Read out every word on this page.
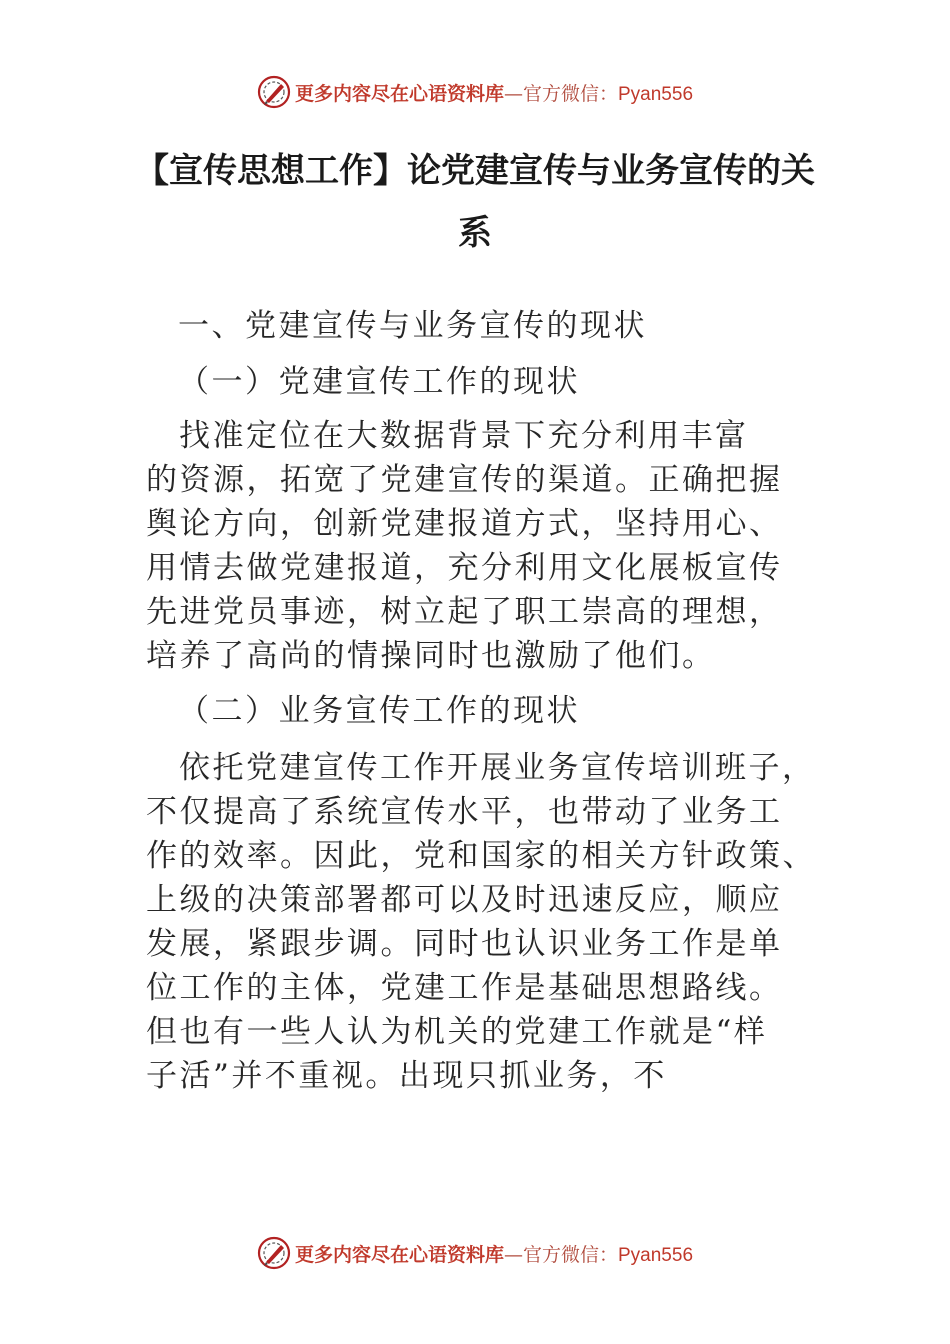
更多内容尽在心语资料库—官方微信：Pyan556
【宣传思想工作】论党建宣传与业务宣传的关
系
一、党建宣传与业务宣传的现状
（一）党建宣传工作的现状
找准定位在大数据背景下充分利用丰富
的资源，拓宽了党建宣传的渠道。正确把握
舆论方向，创新党建报道方式，坚持用心、
用情去做党建报道，充分利用文化展板宣传
先进党员事迹，树立起了职工崇高的理想，
培养了高尚的情操同时也激励了他们。
（二）业务宣传工作的现状
依托党建宣传工作开展业务宣传培训班子，
不仅提高了系统宣传水平，也带动了业务工
作的效率。因此，党和国家的相关方针政策、
上级的决策部署都可以及时迅速反应，顺应
发展，紧跟步调。同时也认识业务工作是单
位工作的主体，党建工作是基础思想路线。
但也有一些人认为机关的党建工作就是“样
子活”并不重视。出现只抓业务，不
更多内容尽在心语资料库—官方微信：Pyan556
